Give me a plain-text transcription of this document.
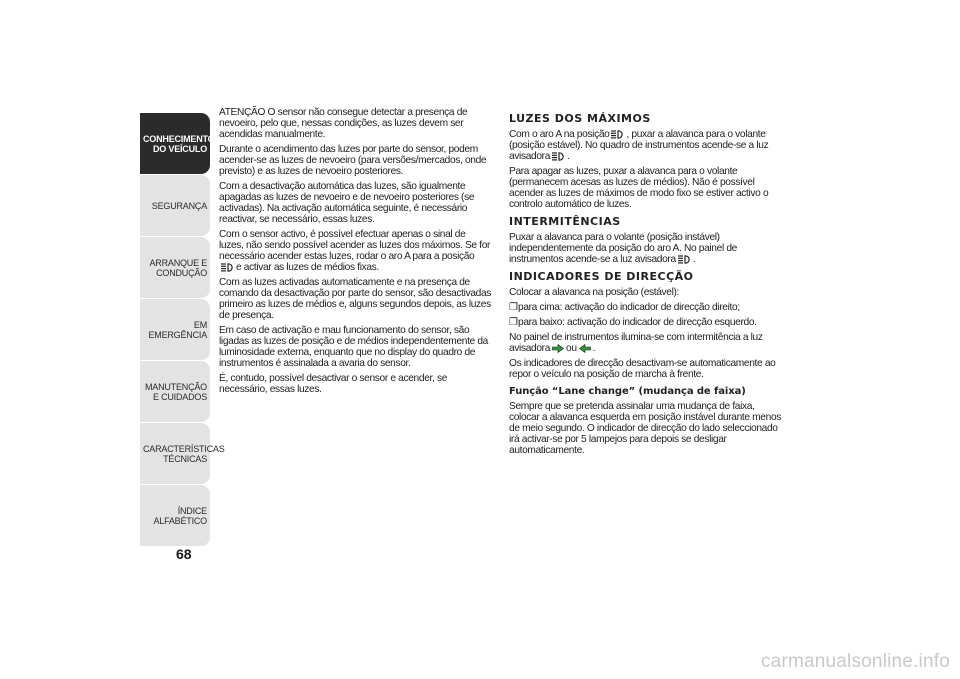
CONHECIMENTO DO VEÍCULO
SEGURANÇA
ARRANQUE E CONDUÇÃO
EM EMERGÊNCIA
MANUTENÇÃO E CUIDADOS
CARACTERÍSTICAS TÉCNICAS
ÍNDICE ALFABÉTICO
68

ATENÇÃO O sensor não consegue detectar a presença de nevoeiro, pelo que, nessas condições, as luzes devem ser acendidas manualmente.

Durante o acendimento das luzes por parte do sensor, podem acender-se as luzes de nevoeiro (para versões/mercados, onde previsto) e as luzes de nevoeiro posteriores.

Com a desactivação automática das luzes, são igualmente apagadas as luzes de nevoeiro e de nevoeiro posteriores (se activadas). Na activação automática seguinte, é necessário reactivar, se necessário, essas luzes.

Com o sensor activo, é possível efectuar apenas o sinal de luzes, não sendo possível acender as luzes dos máximos. Se for necessário acender estas luzes, rodar o aro A para a posiçãoe activar as luzes de médios fixas.

Com as luzes activadas automaticamente e na presença de comando da desactivação por parte do sensor, são desactivadas primeiro as luzes de médios e, alguns segundos depois, as luzes de presença.

Em caso de activação e mau funcionamento do sensor, são ligadas as luzes de posição e de médios independentemente da luminosidade externa, enquanto que no display do quadro de instrumentos é assinalada a avaria do sensor.

É, contudo, possível desactivar o sensor e acender, se necessário, essas luzes.

LUZES DOS MÁXIMOS

Com o aro A na posição , puxar a alavanca para o volante (posição estável). No quadro de instrumentos acende-se a luz avisadora .

Para apagar as luzes, puxar a alavanca para o volante (permanecem acesas as luzes de médios). Não é possível acender as luzes de máximos de modo fixo se estiver activo o controlo automático de luzes.

INTERMITÊNCIAS

Puxar a alavanca para o volante (posição instável) independentemente da posição do aro A. No painel de instrumentos acende-se a luz avisadora .

INDICADORES DE DIRECÇÃO

Colocar a alavanca na posição (estável):

❐para cima: activação do indicador de direcção direito;

❐para baixo: activação do indicador de direcção esquerdo.

No painel de instrumentos ilumina-se com intermitência a luz avisadora ou .

Os indicadores de direcção desactivam-se automaticamente ao repor o veículo na posição de marcha à frente.

Função “Lane change” (mudança de faixa)

Sempre que se pretenda assinalar uma mudança de faixa, colocar a alavanca esquerda em posição instável durante menos de meio segundo. O indicador de direcção do lado seleccionado irá activar-se por 5 lampejos para depois se desligar automaticamente.

carmanualsonline.info
